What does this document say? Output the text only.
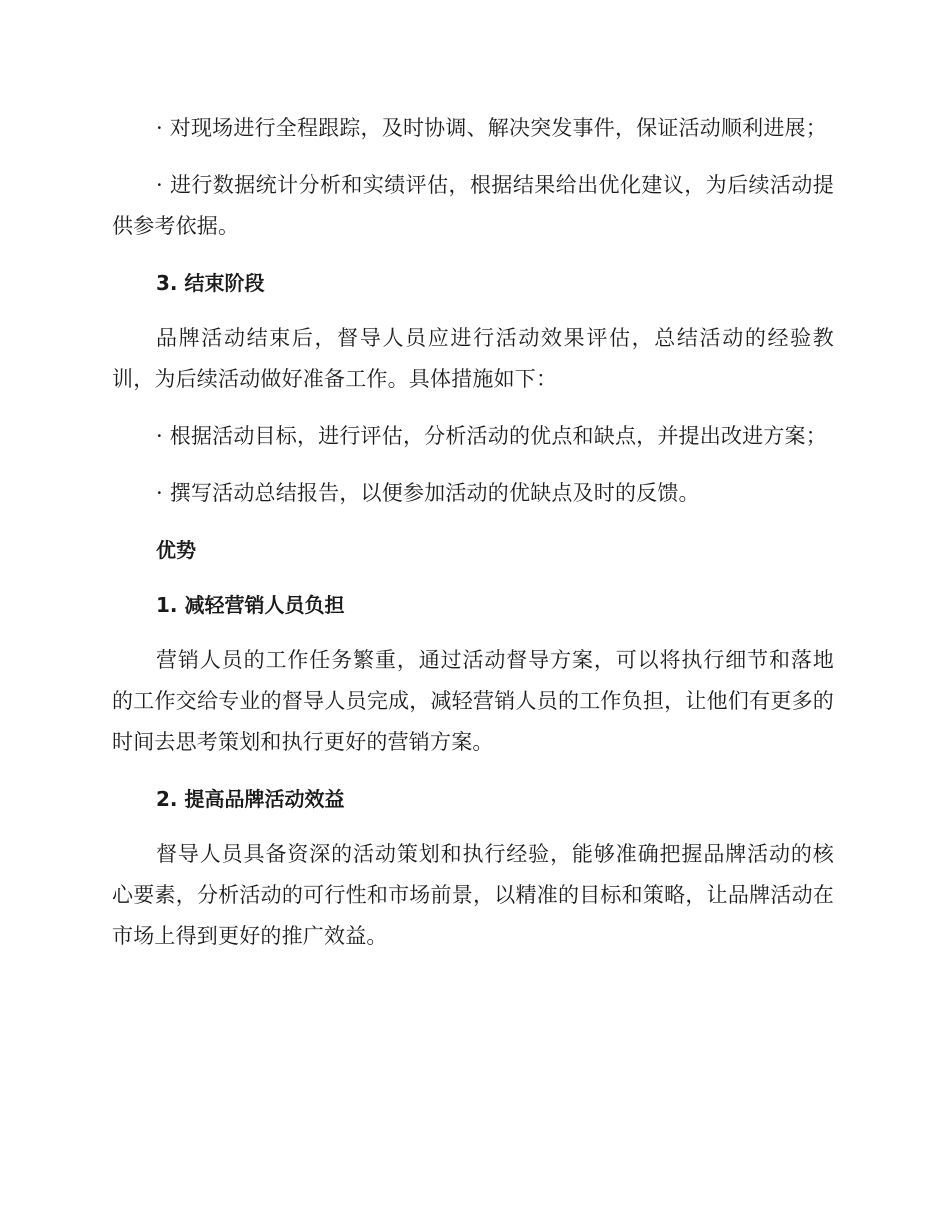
· 对现场进行全程跟踪，及时协调、解决突发事件，保证活动顺利进展；

· 进行数据统计分析和实绩评估，根据结果给出优化建议，为后续活动提供参考依据。

3. 结束阶段

品牌活动结束后，督导人员应进行活动效果评估，总结活动的经验教训，为后续活动做好准备工作。具体措施如下：

· 根据活动目标，进行评估，分析活动的优点和缺点，并提出改进方案；

· 撰写活动总结报告，以便参加活动的优缺点及时的反馈。

优势
1. 减轻营销人员负担

营销人员的工作任务繁重，通过活动督导方案，可以将执行细节和落地的工作交给专业的督导人员完成，减轻营销人员的工作负担，让他们有更多的时间去思考策划和执行更好的营销方案。

2. 提高品牌活动效益

督导人员具备资深的活动策划和执行经验，能够准确把握品牌活动的核心要素，分析活动的可行性和市场前景，以精准的目标和策略，让品牌活动在市场上得到更好的推广效益。
